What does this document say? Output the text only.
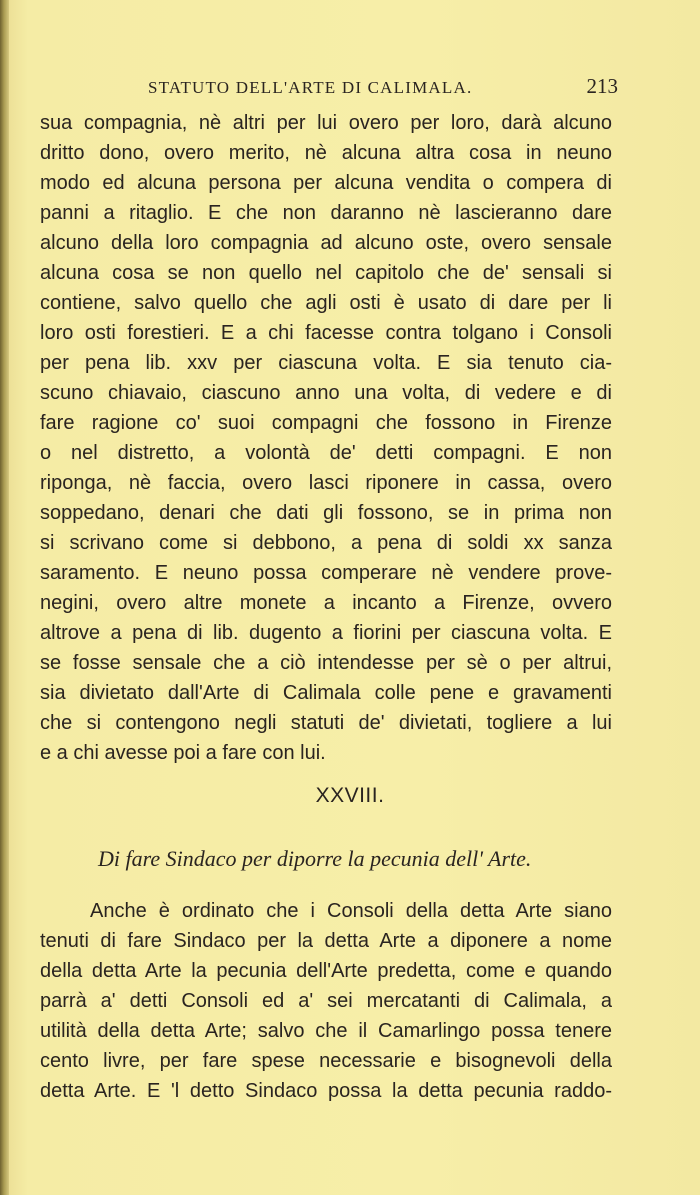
STATUTO DELL'ARTE DI CALIMALA.	213
sua compagnia, nè altri per lui overo per loro, darà alcuno
dritto dono, overo merito, nè alcuna altra cosa in neuno
modo ed alcuna persona per alcuna vendita o compera di
panni a ritaglio. E che non daranno nè lascieranno dare
alcuno della loro compagnia ad alcuno oste, overo sensale
alcuna cosa se non quello nel capitolo che de' sensali si
contiene, salvo quello che agli osti è usato di dare per li
loro osti forestieri. E a chi facesse contra tolgano i Consoli
per pena lib. xxv per ciascuna volta. E sia tenuto cia-
scuno chiavaio, ciascuno anno una volta, di vedere e di
fare ragione co' suoi compagni che fossono in Firenze
o nel distretto, a volontà de' detti compagni. E non
riponga, nè faccia, overo lasci riponere in cassa, overo
soppedano, denari che dati gli fossono, se in prima non
si scrivano come si debbono, a pena di soldi xx sanza
saramento. E neuno possa comperare nè vendere prove-
negini, overo altre monete a incanto a Firenze, ovvero
altrove a pena di lib. dugento a fiorini per ciascuna volta. E
se fosse sensale che a ciò intendesse per sè o per altrui,
sia divietato dall'Arte di Calimala colle pene e gravamenti
che si contengono negli statuti de' divietati, togliere a lui
e a chi avesse poi a fare con lui.
XXVIII.
Di fare Sindaco per diporre la pecunia dell' Arte.
Anche è ordinato che i Consoli della detta Arte siano
tenuti di fare Sindaco per la detta Arte a diponere a nome
della detta Arte la pecunia dell'Arte predetta, come e quando
parrà a' detti Consoli ed a' sei mercatanti di Calimala, a
utilità della detta Arte; salvo che il Camarlingo possa tenere
cento livre, per fare spese necessarie e bisognevoli della
detta Arte. E 'l detto Sindaco possa la detta pecunia raddo-
